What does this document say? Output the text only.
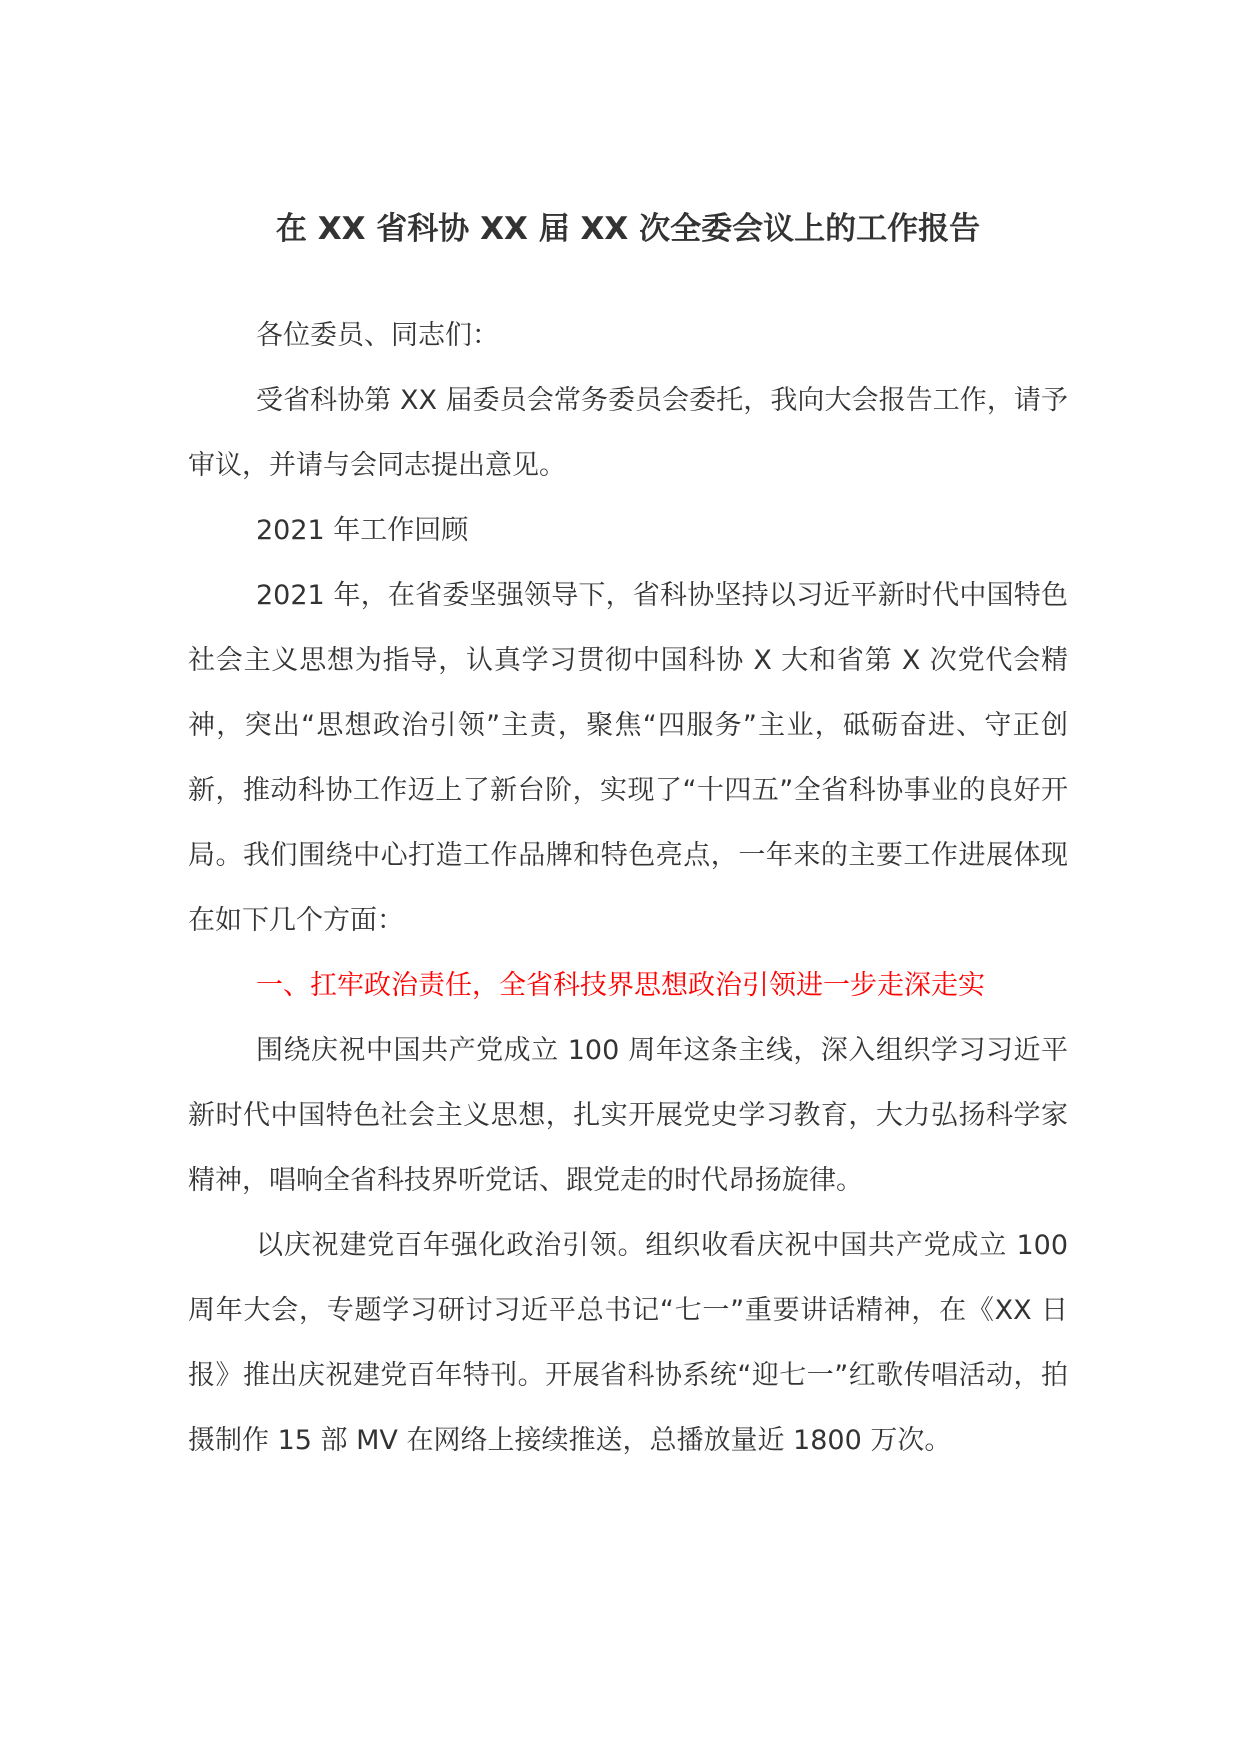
在 XX 省科协 XX 届 XX 次全委会议上的工作报告

各位委员、同志们：

受省科协第 XX 届委员会常务委员会委托，我向大会报告工作，请予审议，并请与会同志提出意见。

2021 年工作回顾

2021 年，在省委坚强领导下，省科协坚持以习近平新时代中国特色社会主义思想为指导，认真学习贯彻中国科协 X 大和省第 X 次党代会精神，突出“思想政治引领”主责，聚焦“四服务”主业，砥砺奋进、守正创新，推动科协工作迈上了新台阶，实现了“十四五”全省科协事业的良好开局。我们围绕中心打造工作品牌和特色亮点，一年来的主要工作进展体现在如下几个方面：

一、扛牢政治责任，全省科技界思想政治引领进一步走深走实

围绕庆祝中国共产党成立 100 周年这条主线，深入组织学习习近平新时代中国特色社会主义思想，扎实开展党史学习教育，大力弘扬科学家精神，唱响全省科技界听党话、跟党走的时代昂扬旋律。

以庆祝建党百年强化政治引领。组织收看庆祝中国共产党成立 100 周年大会，专题学习研讨习近平总书记“七一”重要讲话精神，在《XX 日报》推出庆祝建党百年特刊。开展省科协系统“迎七一”红歌传唱活动，拍摄制作 15 部 MV 在网络上接续推送，总播放量近 1800 万次。
